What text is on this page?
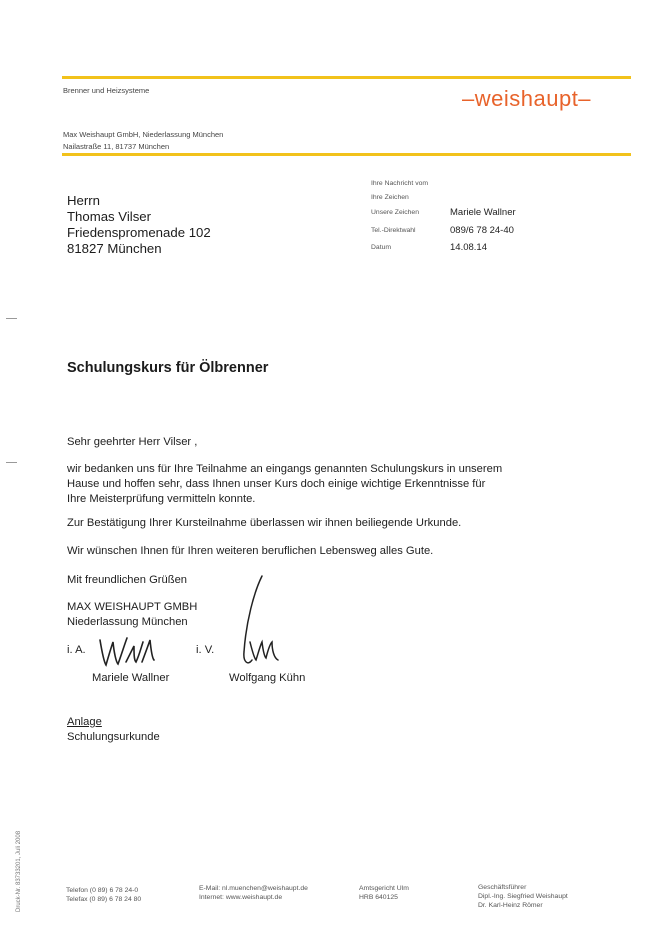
Brenner und Heizsysteme	–weishaupt–
Max Weishaupt GmbH, Niederlassung München
Nailastraße 11, 81737 München
Herrn
Thomas Vilser
Friedenspromenade 102
81827 München
Ihre Nachricht vom
Ihre Zeichen
Unsere Zeichen	Mariele Wallner
Tel.-Direktwahl	089/6 78 24-40
Datum	14.08.14
Schulungskurs für Ölbrenner
Sehr geehrter Herr Vilser ,
wir bedanken uns für Ihre Teilnahme an eingangs genannten Schulungskurs in unserem
Hause und hoffen sehr, dass Ihnen unser Kurs doch einige wichtige Erkenntnisse für
Ihre Meisterprüfung vermitteln konnte.
Zur Bestätigung Ihrer Kursteilnahme überlassen wir ihnen beiliegende Urkunde.
Wir wünschen Ihnen für Ihren weiteren beruflichen Lebensweg alles Gute.
Mit freundlichen Grüßen
MAX WEISHAUPT GMBH
Niederlassung München
i. A.	i. V.
Mariele Wallner	Wolfgang Kühn
Anlage
Schulungsurkunde
Druck-Nr. 83733201, Juli 2008	Telefon (0 89) 6 78 24-0
Telefax (0 89) 6 78 24 80
E-Mail: nl.muenchen@weishaupt.de
Internet: www.weishaupt.de
Amtsgericht Ulm
HRB 640125
Geschäftsführer
Dipl.-Ing. Siegfried Weishaupt
Dr. Karl-Heinz Römer
